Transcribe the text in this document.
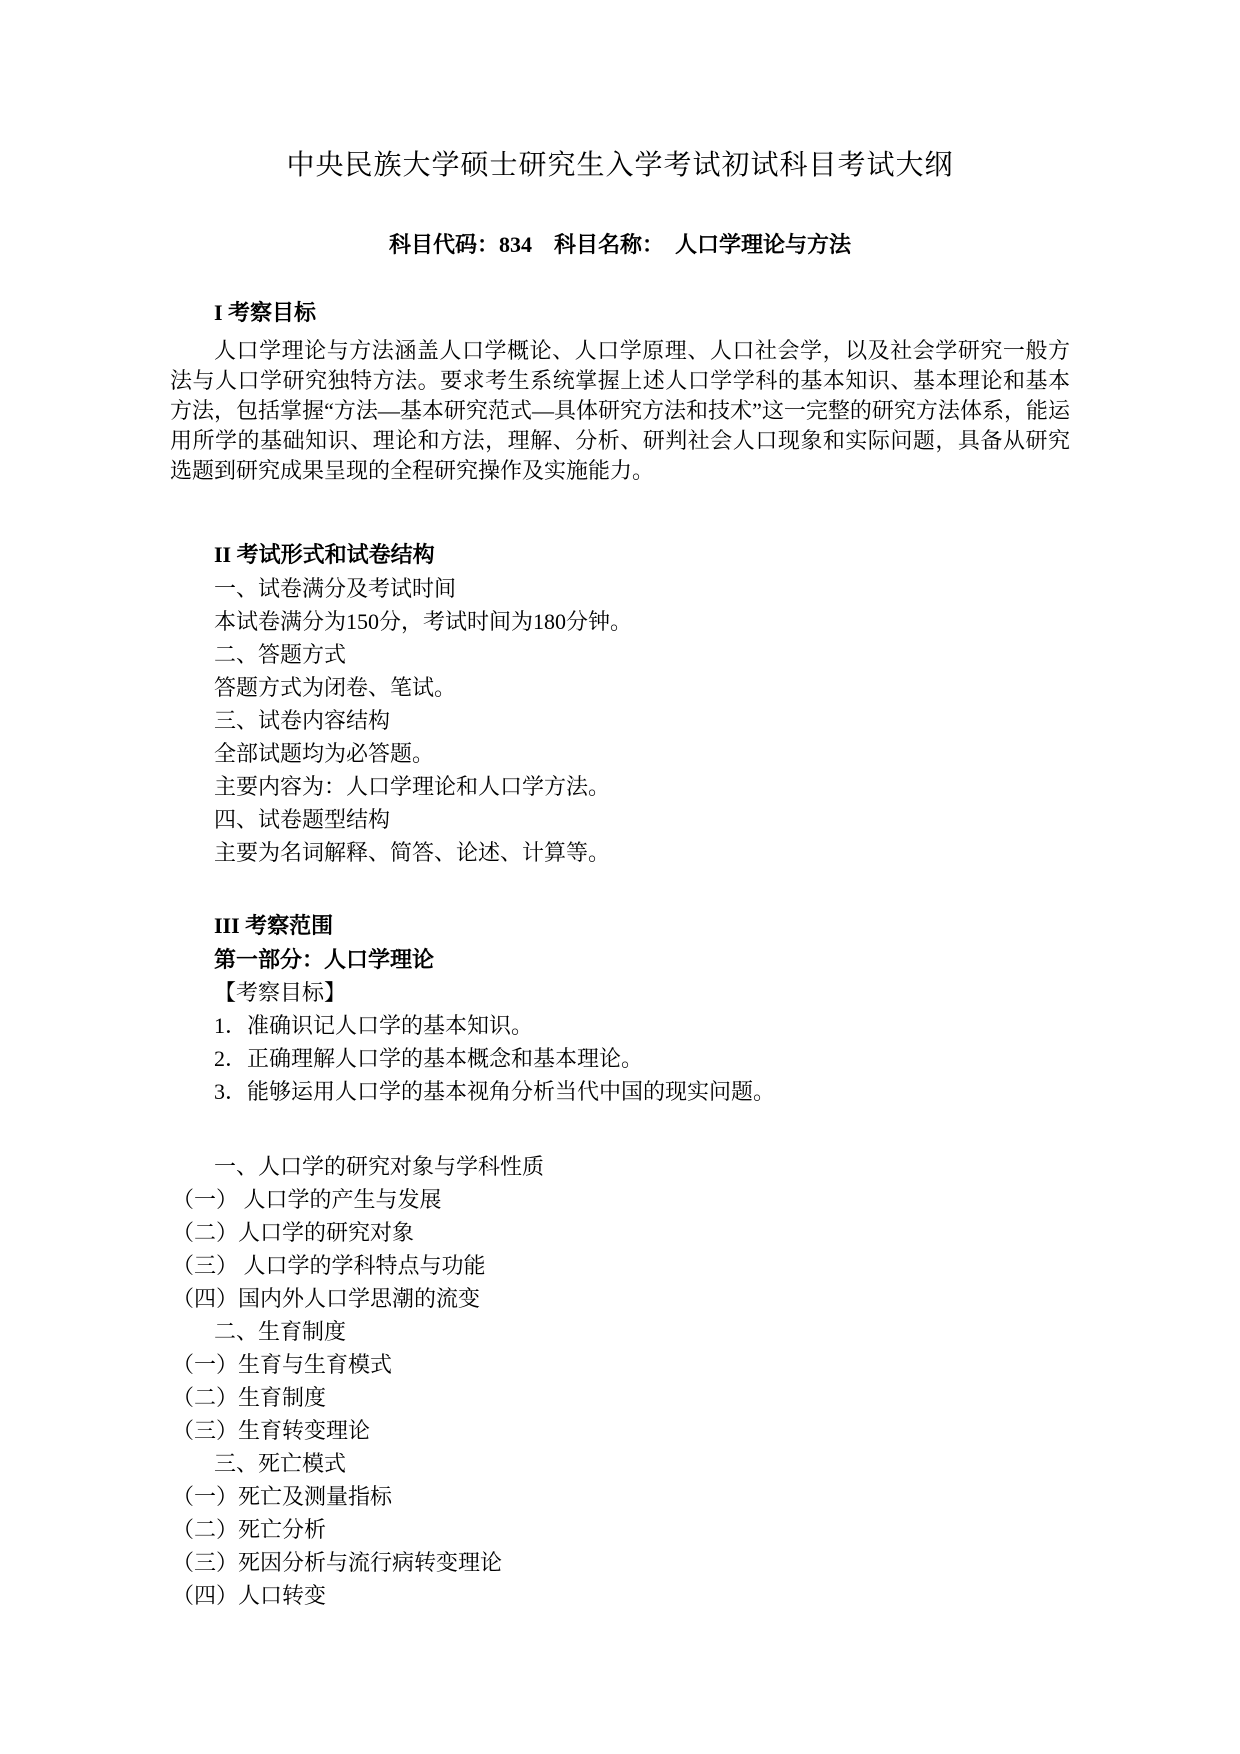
中央民族大学硕士研究生入学考试初试科目考试大纲
科目代码：834　科目名称：　人口学理论与方法
I 考察目标

人口学理论与方法涵盖人口学概论、人口学原理、人口社会学，以及社会学研究一般方法与人口学研究独特方法。要求考生系统掌握上述人口学学科的基本知识、基本理论和基本方法，包括掌握“方法—基本研究范式—具体研究方法和技术”这一完整的研究方法体系，能运用所学的基础知识、理论和方法，理解、分析、研判社会人口现象和实际问题，具备从研究选题到研究成果呈现的全程研究操作及实施能力。

II 考试形式和试卷结构
一、试卷满分及考试时间
本试卷满分为150分，考试时间为180分钟。
二、答题方式
答题方式为闭卷、笔试。
三、试卷内容结构
全部试题均为必答题。
主要内容为：人口学理论和人口学方法。
四、试卷题型结构
主要为名词解释、简答、论述、计算等。
III 考察范围
第一部分：人口学理论
【考察目标】
1．准确识记人口学的基本知识。
2．正确理解人口学的基本概念和基本理论。
3．能够运用人口学的基本视角分析当代中国的现实问题。
一、人口学的研究对象与学科性质
（一） 人口学的产生与发展
（二）人口学的研究对象
（三） 人口学的学科特点与功能
（四）国内外人口学思潮的流变
二、生育制度
（一）生育与生育模式
（二）生育制度
（三）生育转变理论
三、死亡模式
（一）死亡及测量指标
（二）死亡分析
（三）死因分析与流行病转变理论
（四）人口转变
